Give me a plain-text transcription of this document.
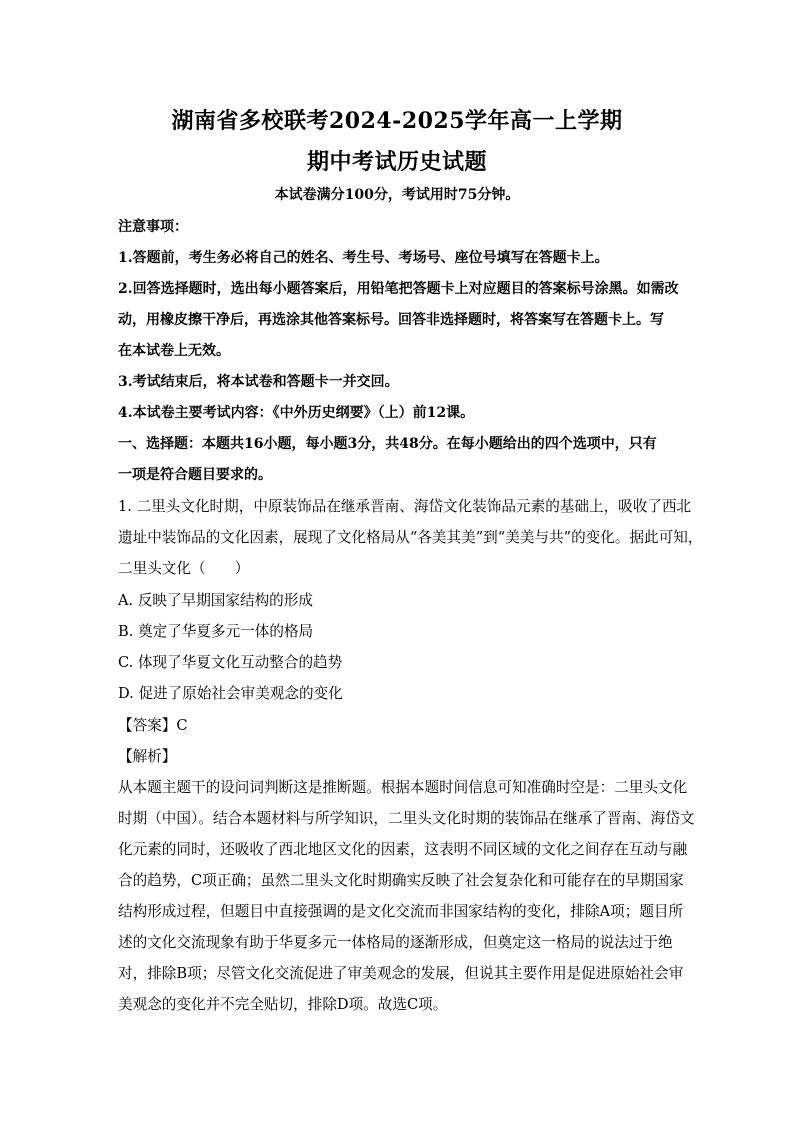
湖南省多校联考2024-2025学年高一上学期
期中考试历史试题
本试卷满分100分，考试用时75分钟。
注意事项：
1.答题前，考生务必将自己的姓名、考生号、考场号、座位号填写在答题卡上。
2.回答选择题时，选出每小题答案后，用铅笔把答题卡上对应题目的答案标号涂黑。如需改
动，用橡皮擦干净后，再选涂其他答案标号。回答非选择题时，将答案写在答题卡上。写
在本试卷上无效。
3.考试结束后，将本试卷和答题卡一并交回。
4.本试卷主要考试内容：《中外历史纲要》（上）前12课。
一、选择题：本题共16小题，每小题3分，共48分。在每小题给出的四个选项中，只有
一项是符合题目要求的。
1. 二里头文化时期，中原装饰品在继承晋南、海岱文化装饰品元素的基础上，吸收了西北
遗址中装饰品的文化因素，展现了文化格局从“各美其美”到“美美与共”的变化。据此可知，
二里头文化（　　）
A. 反映了早期国家结构的形成
B. 奠定了华夏多元一体的格局
C. 体现了华夏文化互动整合的趋势
D. 促进了原始社会审美观念的变化
【答案】C
【解析】
从本题主题干的设问词判断这是推断题。根据本题时间信息可知准确时空是：二里头文化
时期（中国）。结合本题材料与所学知识，二里头文化时期的装饰品在继承了晋南、海岱文
化元素的同时，还吸收了西北地区文化的因素，这表明不同区域的文化之间存在互动与融
合的趋势，C项正确；虽然二里头文化时期确实反映了社会复杂化和可能存在的早期国家
结构形成过程，但题目中直接强调的是文化交流而非国家结构的变化，排除A项；题目所
述的文化交流现象有助于华夏多元一体格局的逐渐形成，但奠定这一格局的说法过于绝
对，排除B项；尽管文化交流促进了审美观念的发展，但说其主要作用是促进原始社会审
美观念的变化并不完全贴切，排除D项。故选C项。
